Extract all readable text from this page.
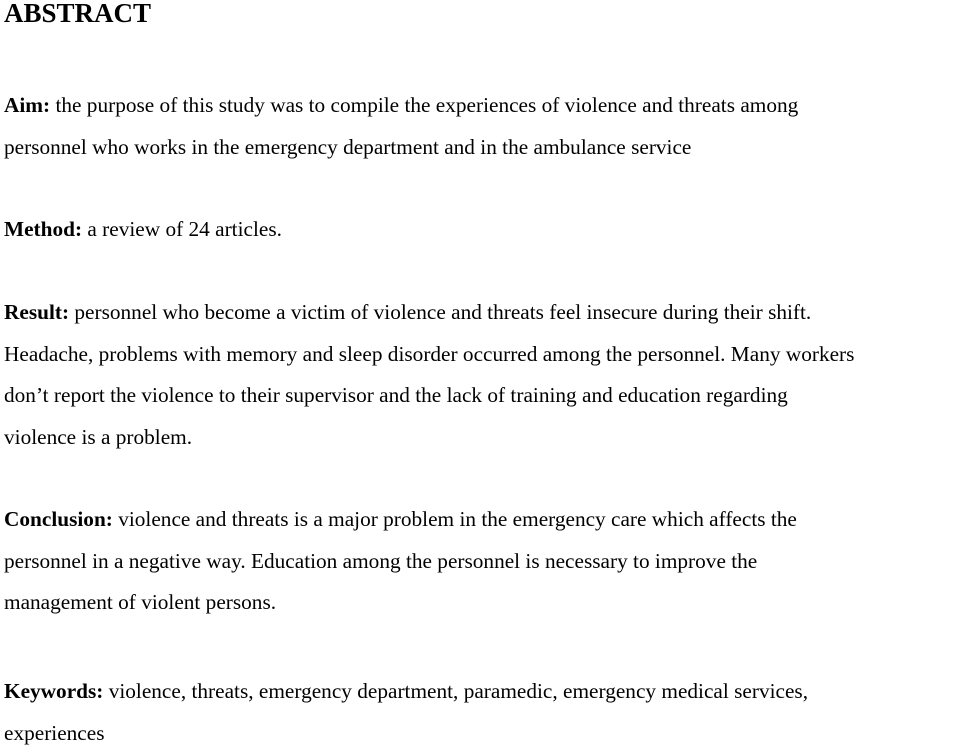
ABSTRACT

Aim: the purpose of this study was to compile the experiences of violence and threats among
personnel who works in the emergency department and in the ambulance service

Method: a review of 24 articles.

Result: personnel who become a victim of violence and threats feel insecure during their shift.
Headache, problems with memory and sleep disorder occurred among the personnel. Many workers
don’t report the violence to their supervisor and the lack of training and education regarding
violence is a problem.

Conclusion: violence and threats is a major problem in the emergency care which affects the
personnel in a negative way. Education among the personnel is necessary to improve the
management of violent persons.

Keywords: violence, threats, emergency department, paramedic, emergency medical services,
experiences
